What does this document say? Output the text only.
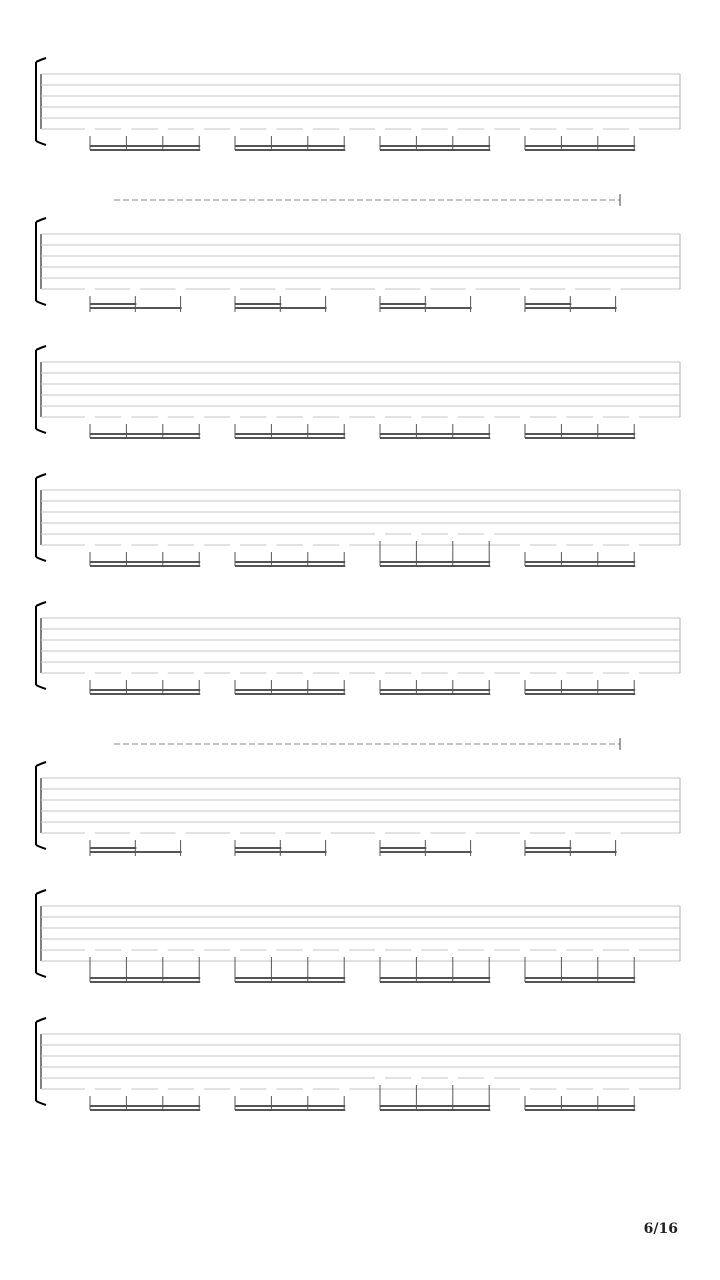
6/16
